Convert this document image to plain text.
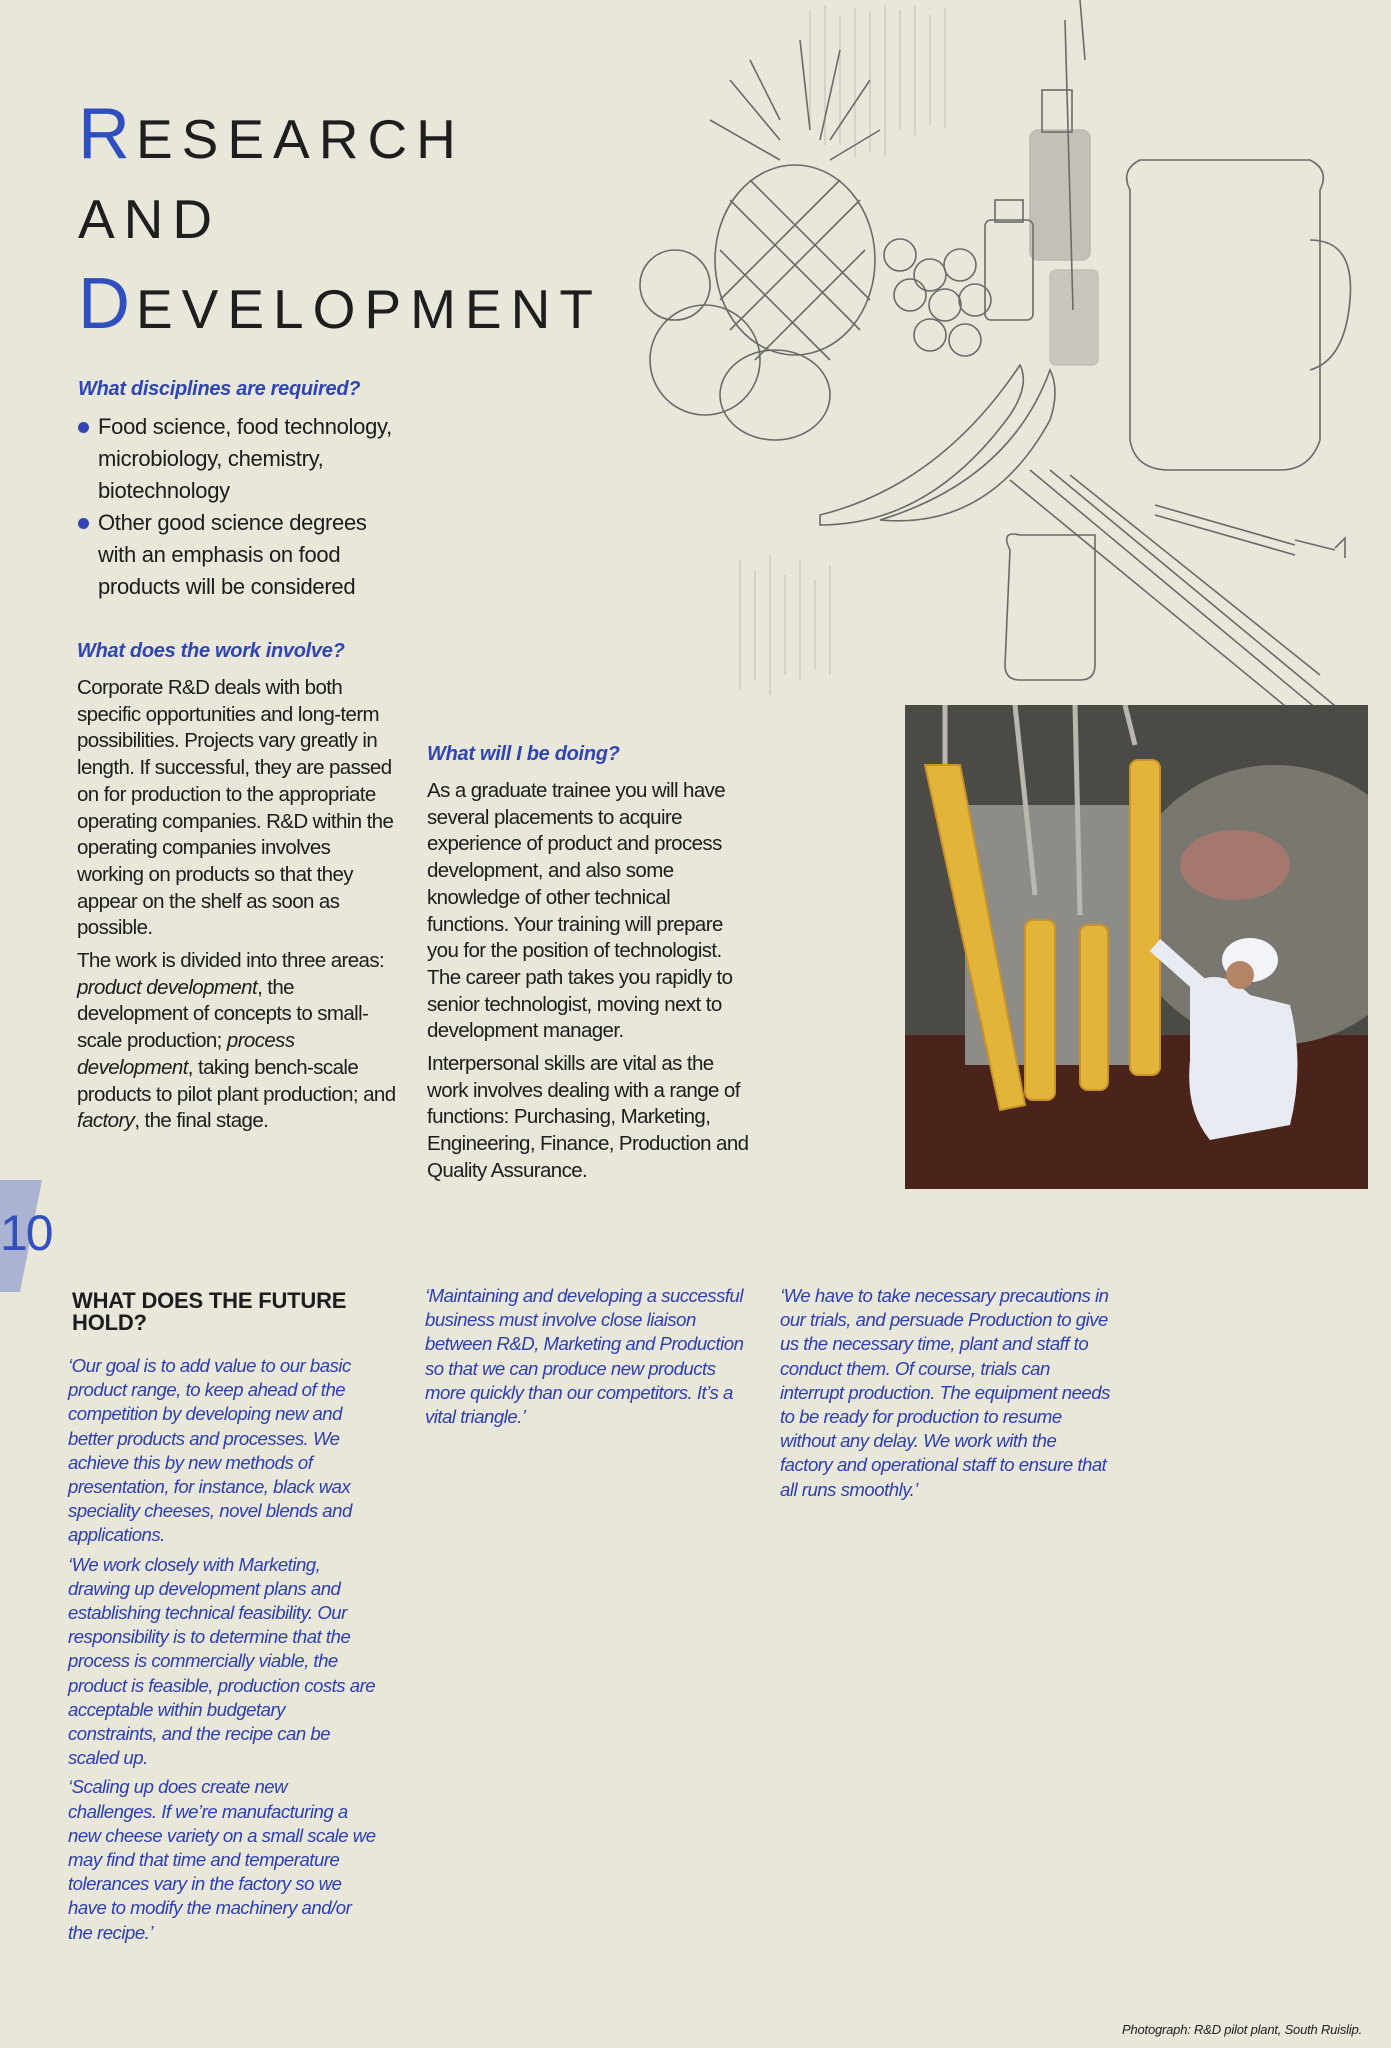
RESEARCH
AND
DEVELOPMENT
What disciplines are required?
Food science, food technology, microbiology, chemistry, biotechnology
Other good science degrees with an emphasis on food products will be considered
What does the work involve?

Corporate R&D deals with both specific opportunities and long-term possibilities. Projects vary greatly in length. If successful, they are passed on for production to the appropriate operating companies. R&D within the operating companies involves working on products so that they appear on the shelf as soon as possible.

The work is divided into three areas: product development, the development of concepts to small-scale production; process development, taking bench-scale products to pilot plant production; and factory, the final stage.

What will I be doing?

As a graduate trainee you will have several placements to acquire experience of product and process development, and also some knowledge of other technical functions. Your training will prepare you for the position of technologist. The career path takes you rapidly to senior technologist, moving next to development manager.

Interpersonal skills are vital as the work involves dealing with a range of functions: Purchasing, Marketing, Engineering, Finance, Production and Quality Assurance.

10
WHAT DOES THE FUTURE HOLD?

‘Our goal is to add value to our basic product range, to keep ahead of the competition by developing new and better products and processes. We achieve this by new methods of presentation, for instance, black wax speciality cheeses, novel blends and applications.

‘We work closely with Marketing, drawing up development plans and establishing technical feasibility. Our responsibility is to determine that the process is commercially viable, the product is feasible, production costs are acceptable within budgetary constraints, and the recipe can be scaled up.

‘Scaling up does create new challenges. If we’re manufacturing a new cheese variety on a small scale we may find that time and temperature tolerances vary in the factory so we have to modify the machinery and/or the recipe.’

‘Maintaining and developing a successful business must involve close liaison between R&D, Marketing and Production so that we can produce new products more quickly than our competitors. It’s a vital triangle.’

‘We have to take necessary precautions in our trials, and persuade Production to give us the necessary time, plant and staff to conduct them. Of course, trials can interrupt production. The equipment needs to be ready for production to resume without any delay. We work with the factory and operational staff to ensure that all runs smoothly.’

Photograph: R&D pilot plant, South Ruislip.
